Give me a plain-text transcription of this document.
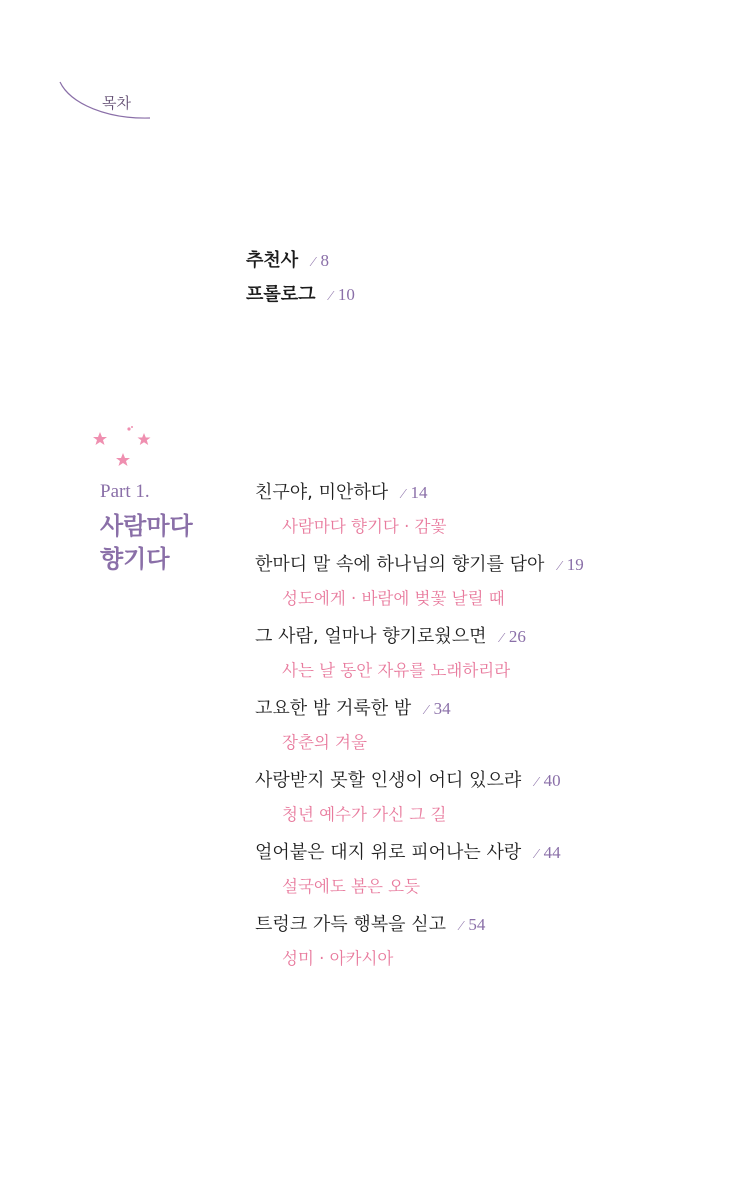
목차
추천사 ⁄ 8
프롤로그 ⁄ 10
Part 1.
사람마다
향기다
친구야, 미안하다 ⁄ 14
사람마다 향기다 · 감꽃
한마디 말 속에 하나님의 향기를 담아 ⁄ 19
성도에게 · 바람에 벚꽃 날릴 때
그 사람, 얼마나 향기로웠으면 ⁄ 26
사는 날 동안 자유를 노래하리라
고요한 밤 거룩한 밤 ⁄ 34
장춘의 겨울
사랑받지 못할 인생이 어디 있으랴 ⁄ 40
청년 예수가 가신 그 길
얼어붙은 대지 위로 피어나는 사랑 ⁄ 44
설국에도 봄은 오듯
트렁크 가득 행복을 싣고 ⁄ 54
성미 · 아카시아
